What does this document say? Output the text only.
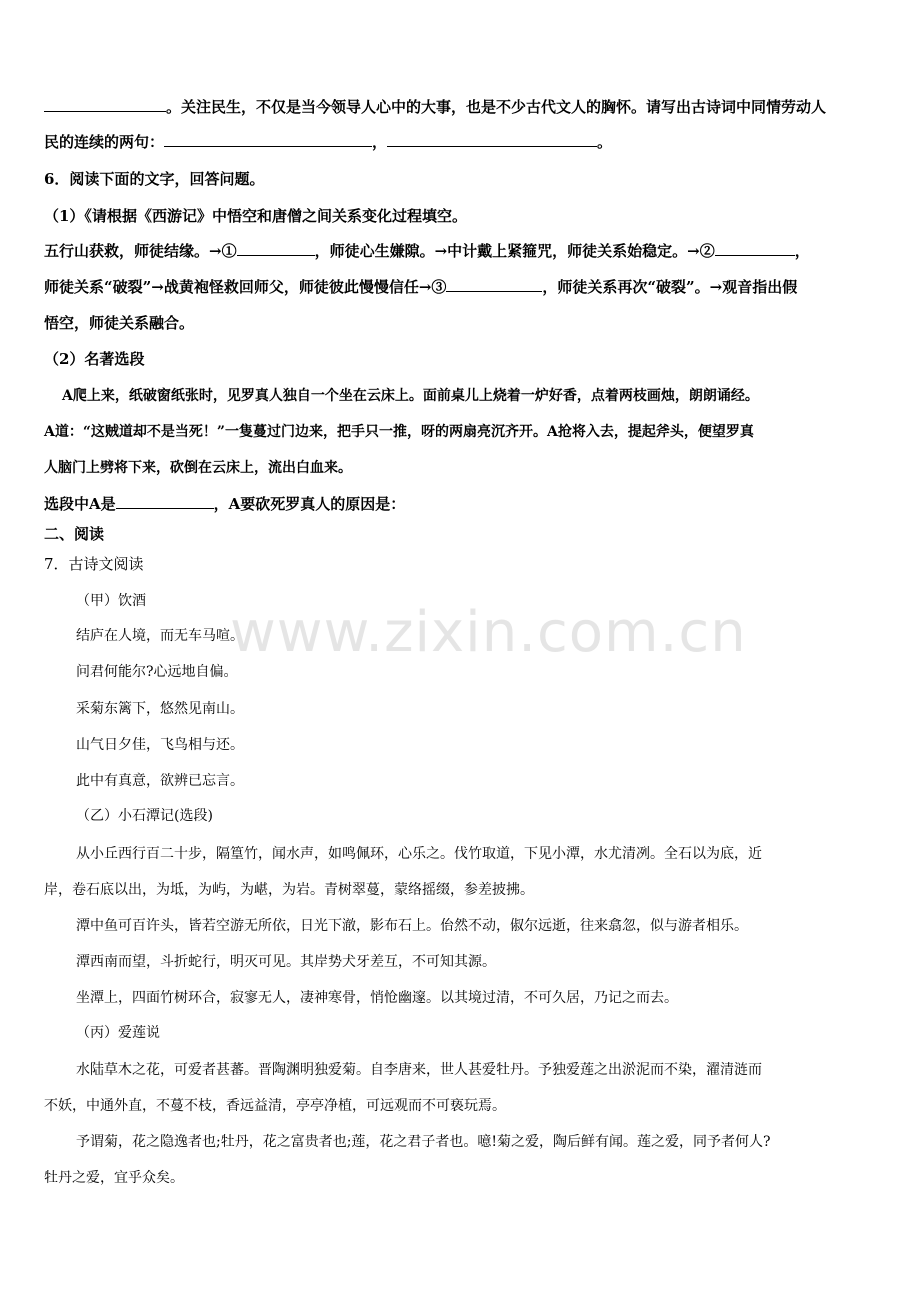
。关注民生，不仅是当今领导人心中的大事，也是不少古代文人的胸怀。请写出古诗词中同情劳动人
民的连续的两句：	，	。
6．阅读下面的文字，回答问题。
（1）《请根据《西游记》中悟空和唐僧之间关系变化过程填空。
五行山获救，师徒结缘。→①	，师徒心生嫌隙。→中计戴上紧箍咒，师徒关系始稳定。→②	，
师徒关系“破裂”→战黄袍怪救回师父，师徒彼此慢慢信任→③	，师徒关系再次“破裂”。→观音指出假
悟空，师徒关系融合。
（2）名著选段
A爬上来，纸破窗纸张时，见罗真人独自一个坐在云床上。面前桌儿上烧着一炉好香，点着两枝画烛，朗朗诵经。
A道：“这贼道却不是当死！”一隻蔓过门边来，把手只一推，呀的两扇亮沉齐开。A抢将入去，提起斧头，便望罗真
人脑门上劈将下来，砍倒在云床上，流出白血来。
选段中A是	，A要砍死罗真人的原因是：
二、阅读
7．古诗文阅读
（甲）饮酒
结庐在人境，而无车马喧。
问君何能尔?心远地自偏。
采菊东篱下，悠然见南山。
山气日夕佳，飞鸟相与还。
此中有真意，欲辨已忘言。
（乙）小石潭记(选段)
从小丘西行百二十步，隔篁竹，闻水声，如鸣佩环，心乐之。伐竹取道，下见小潭，水尤清冽。全石以为底，近
岸，卷石底以出，为坻，为屿，为嵁，为岩。青树翠蔓，蒙络摇缀，参差披拂。
潭中鱼可百许头，皆若空游无所依，日光下澈，影布石上。佁然不动，俶尔远逝，往来翕忽，似与游者相乐。
潭西南而望，斗折蛇行，明灭可见。其岸势犬牙差互，不可知其源。
坐潭上，四面竹树环合，寂寥无人，凄神寒骨，悄怆幽邃。以其境过清，不可久居，乃记之而去。
（丙）爱莲说
水陆草木之花，可爱者甚蕃。晋陶渊明独爱菊。自李唐来，世人甚爱牡丹。予独爱莲之出淤泥而不染，濯清涟而
不妖，中通外直，不蔓不枝，香远益清，亭亭净植，可远观而不可亵玩焉。
予谓菊，花之隐逸者也;牡丹，花之富贵者也;莲，花之君子者也。噫!菊之爱，陶后鲜有闻。莲之爱，同予者何人?
牡丹之爱，宜乎众矣。
www.zixin.com.cn
